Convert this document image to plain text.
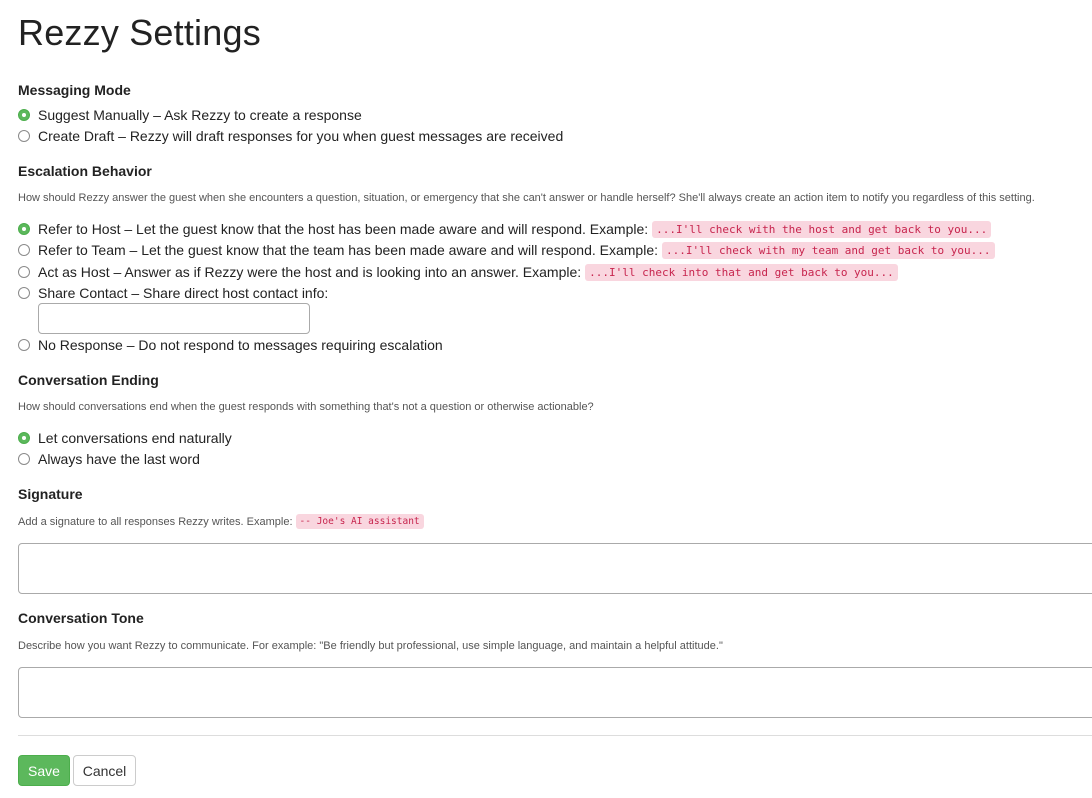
Rezzy Settings
Messaging Mode
Suggest Manually – Ask Rezzy to create a response
Create Draft – Rezzy will draft responses for you when guest messages are received
Escalation Behavior
How should Rezzy answer the guest when she encounters a question, situation, or emergency that she can't answer or handle herself? She'll always create an action item to notify you regardless of this setting.
Refer to Host – Let the guest know that the host has been made aware and will respond. Example: ...I'll check with the host and get back to you...
Refer to Team – Let the guest know that the team has been made aware and will respond. Example: ...I'll check with my team and get back to you...
Act as Host – Answer as if Rezzy were the host and is looking into an answer. Example: ...I'll check into that and get back to you...
Share Contact – Share direct host contact info:
No Response – Do not respond to messages requiring escalation
Conversation Ending
How should conversations end when the guest responds with something that's not a question or otherwise actionable?
Let conversations end naturally
Always have the last word
Signature
Add a signature to all responses Rezzy writes. Example: -- Joe's AI assistant
Conversation Tone
Describe how you want Rezzy to communicate. For example: "Be friendly but professional, use simple language, and maintain a helpful attitude."
Save	Cancel
